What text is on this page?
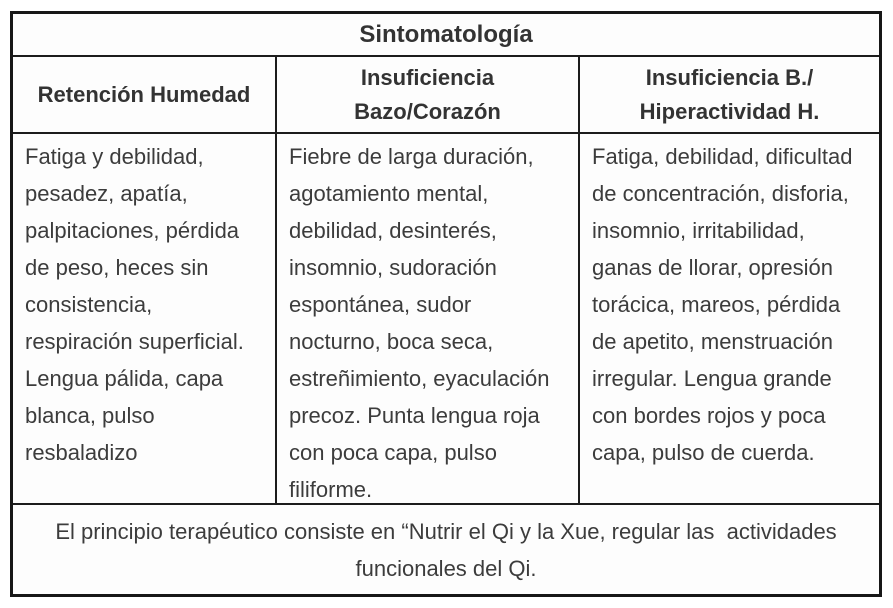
Sintomatología
Retención Humedad
Insuficiencia
Bazo/Corazón
Insuficiencia B./
Hiperactividad H.
Fatiga y debilidad, pesadez, apatía, palpitaciones, pérdida de peso, heces sin consistencia, respiración superficial. Lengua pálida, capa blanca, pulso resbaladizo
Fiebre de larga duración, agotamiento mental, debilidad, desinterés, insomnio, sudoración espontánea, sudor nocturno, boca seca, estreñimiento, eyaculación precoz. Punta lengua roja con poca capa, pulso filiforme.
Fatiga, debilidad, dificultad de concentración, disforia, insomnio, irritabilidad, ganas de llorar, opresión torácica, mareos, pérdida de apetito, menstruación irregular. Lengua grande con bordes rojos y poca capa, pulso de cuerda.
El principio terapéutico consiste en “Nutrir el Qi y la Xue, regular las  actividades
funcionales del Qi.
